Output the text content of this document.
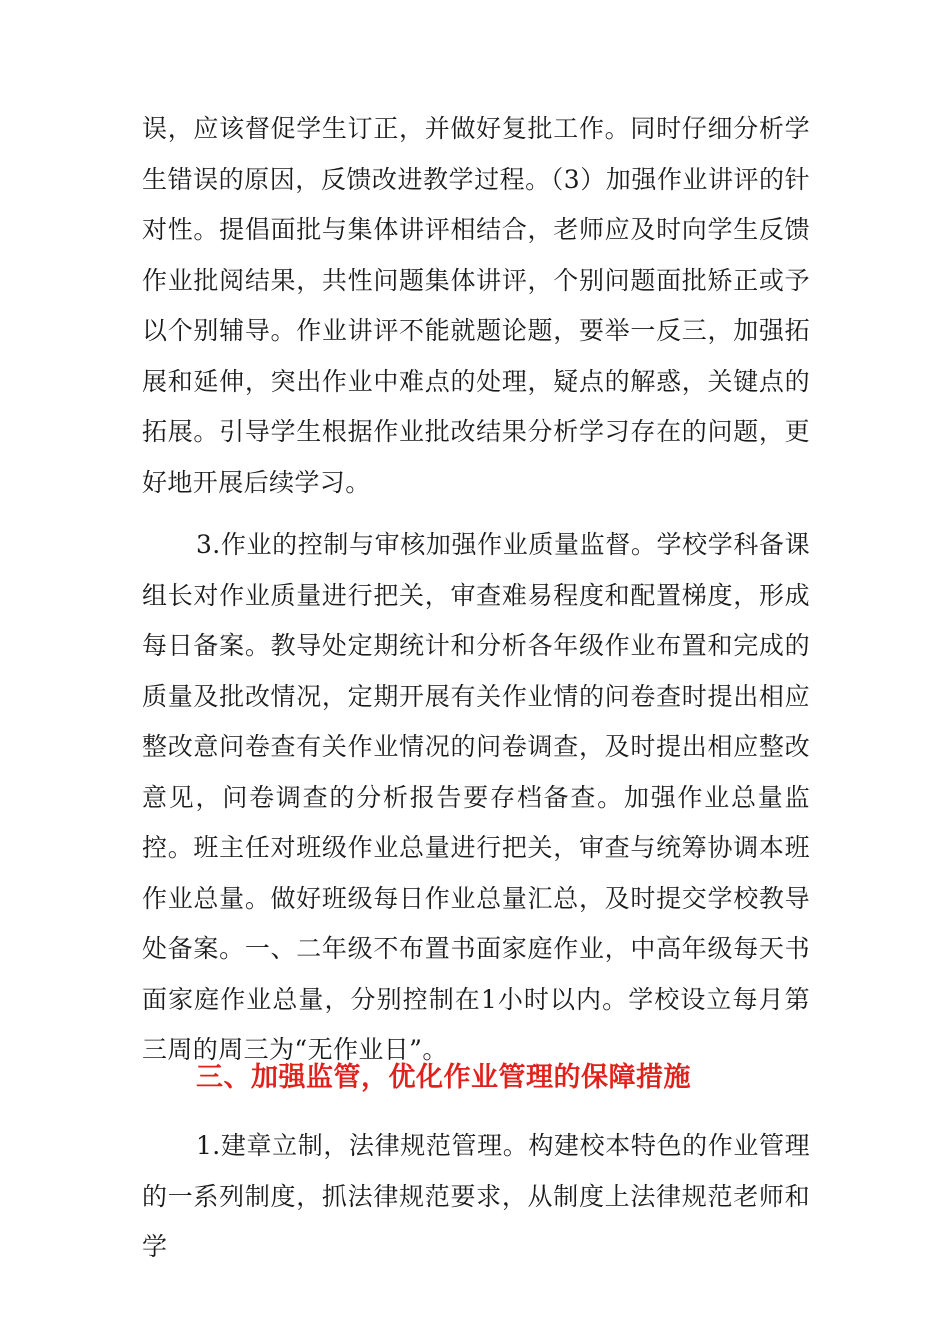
误，应该督促学生订正，并做好复批工作。同时仔细分析学生错误的原因，反馈改进教学过程。（3）加强作业讲评的针对性。提倡面批与集体讲评相结合，老师应及时向学生反馈作业批阅结果，共性问题集体讲评，个别问题面批矫正或予以个别辅导。作业讲评不能就题论题，要举一反三，加强拓展和延伸，突出作业中难点的处理，疑点的解惑，关键点的拓展。引导学生根据作业批改结果分析学习存在的问题，更好地开展后续学习。

3.作业的控制与审核加强作业质量监督。学校学科备课组长对作业质量进行把关，审查难易程度和配置梯度，形成每日备案。教导处定期统计和分析各年级作业布置和完成的质量及批改情况，定期开展有关作业情的问卷查时提出相应整改意问卷查有关作业情况的问卷调查，及时提出相应整改意见，问卷调查的分析报告要存档备查。加强作业总量监控。班主任对班级作业总量进行把关，审查与统筹协调本班作业总量。做好班级每日作业总量汇总，及时提交学校教导处备案。一、二年级不布置书面家庭作业，中高年级每天书面家庭作业总量，分别控制在1小时以内。学校设立每月第三周的周三为“无作业日”。

三、加强监管，优化作业管理的保障措施

1.建章立制，法律规范管理。构建校本特色的作业管理的一系列制度，抓法律规范要求，从制度上法律规范老师和学
